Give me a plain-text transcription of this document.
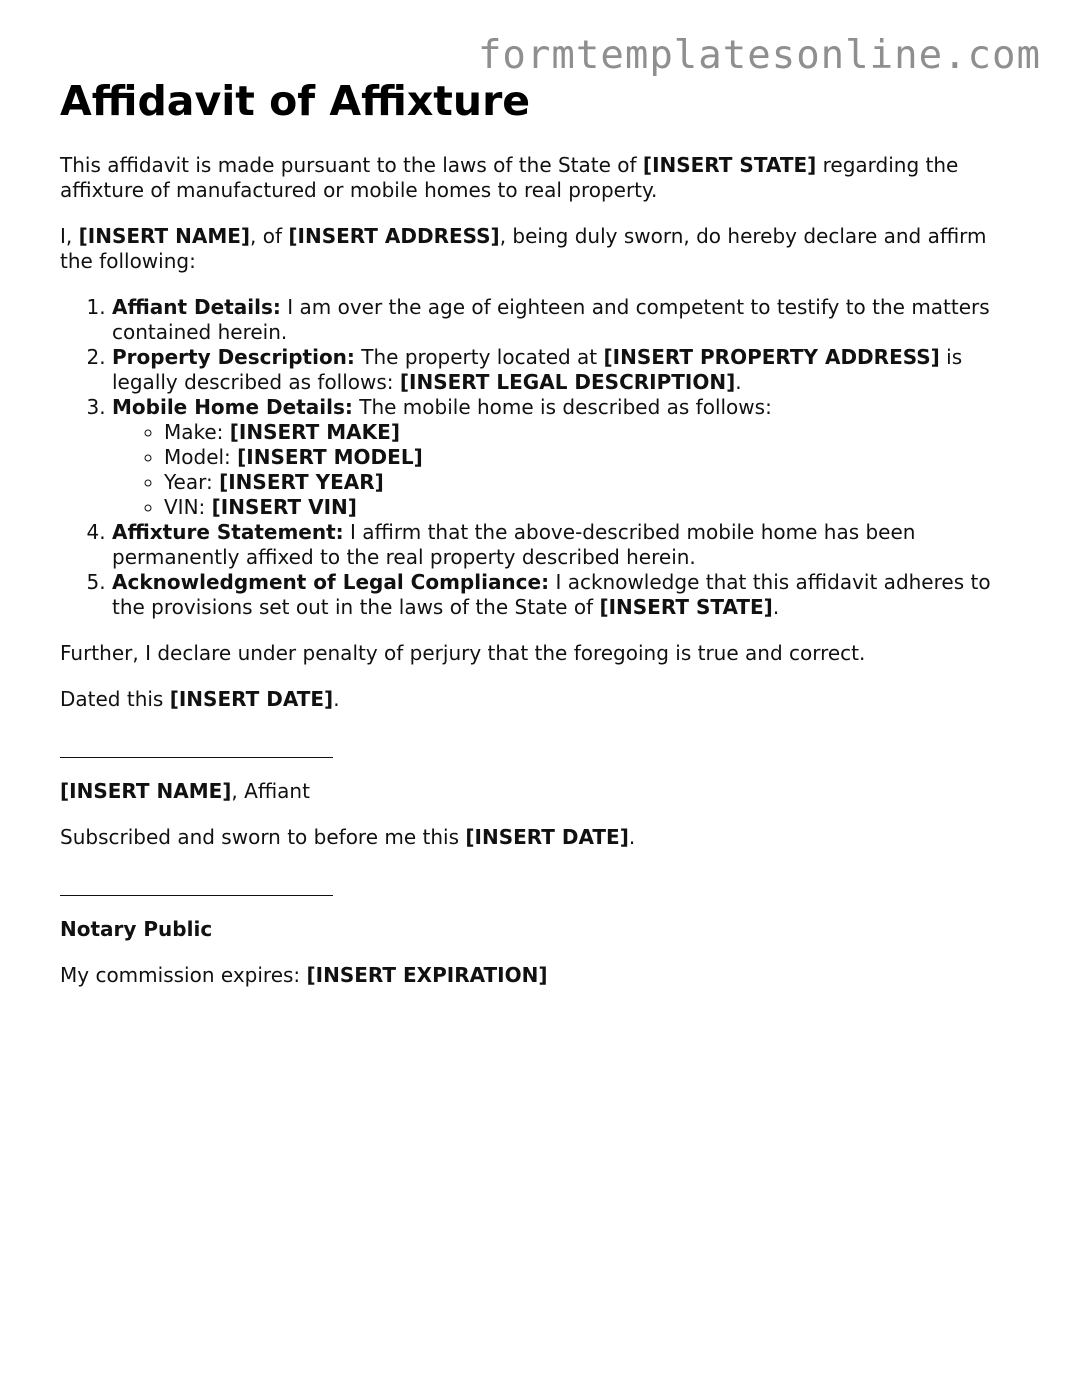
formtemplatesonline.com
Affidavit of Affixture

This affidavit is made pursuant to the laws of the State of [INSERT STATE] regarding the affixture of manufactured or mobile homes to real property.

I, [INSERT NAME], of [INSERT ADDRESS], being duly sworn, do hereby declare and affirm the following:

1. Affiant Details: I am over the age of eighteen and competent to testify to the matters contained herein.
2. Property Description: The property located at [INSERT PROPERTY ADDRESS] is legally described as follows: [INSERT LEGAL DESCRIPTION].
3. Mobile Home Details: The mobile home is described as follows:
◦ Make: [INSERT MAKE]
◦ Model: [INSERT MODEL]
◦ Year: [INSERT YEAR]
◦ VIN: [INSERT VIN]
4. Affixture Statement: I affirm that the above-described mobile home has been permanently affixed to the real property described herein.
5. Acknowledgment of Legal Compliance: I acknowledge that this affidavit adheres to the provisions set out in the laws of the State of [INSERT STATE].

Further, I declare under penalty of perjury that the foregoing is true and correct.

Dated this [INSERT DATE].

[INSERT NAME], Affiant

Subscribed and sworn to before me this [INSERT DATE].

Notary Public

My commission expires: [INSERT EXPIRATION]
